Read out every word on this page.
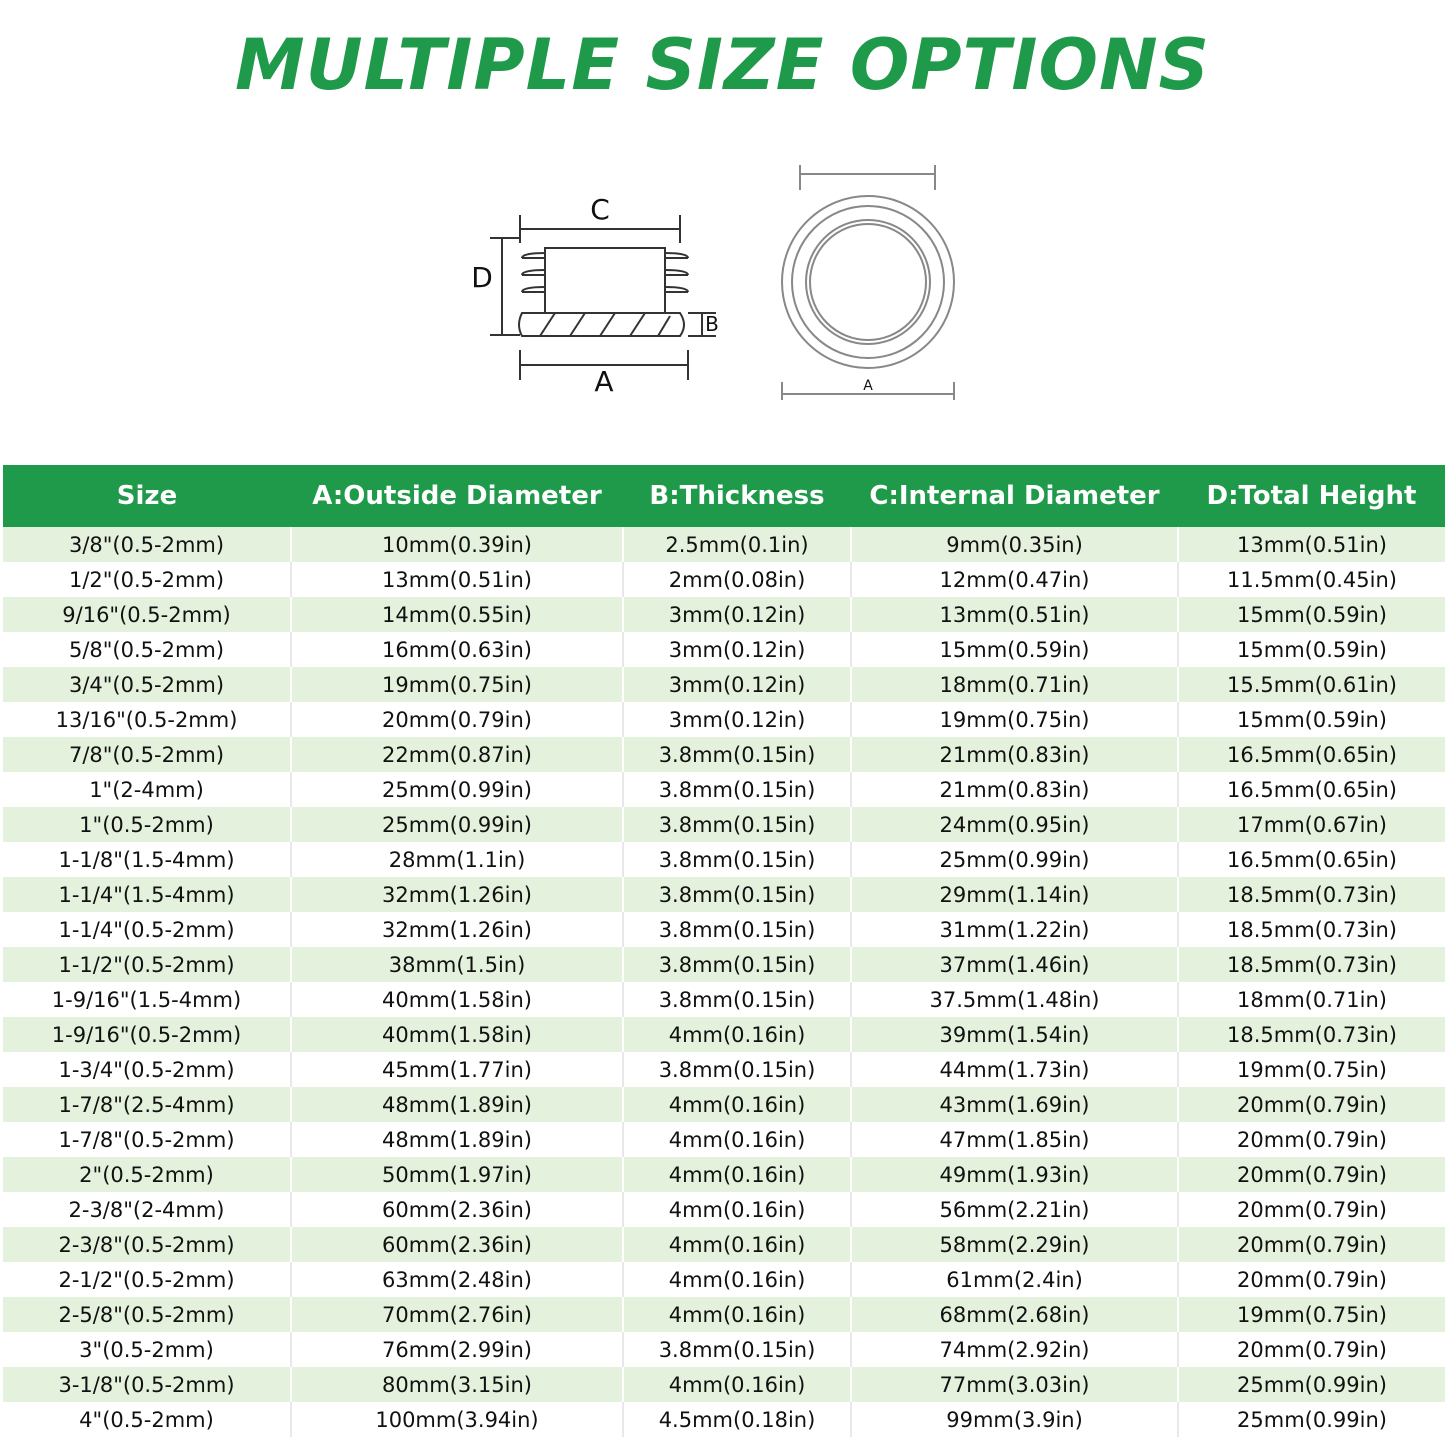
MULTIPLE SIZE OPTIONS
C
D
B
A	A
Size	A:Outside Diameter	B:Thickness	C:Internal Diameter	D:Total Height
3/8"(0.5-2mm)	10mm(0.39in)	2.5mm(0.1in)	9mm(0.35in)	13mm(0.51in)
1/2"(0.5-2mm)	13mm(0.51in)	2mm(0.08in)	12mm(0.47in)	11.5mm(0.45in)
9/16"(0.5-2mm)	14mm(0.55in)	3mm(0.12in)	13mm(0.51in)	15mm(0.59in)
5/8"(0.5-2mm)	16mm(0.63in)	3mm(0.12in)	15mm(0.59in)	15mm(0.59in)
3/4"(0.5-2mm)	19mm(0.75in)	3mm(0.12in)	18mm(0.71in)	15.5mm(0.61in)
13/16"(0.5-2mm)	20mm(0.79in)	3mm(0.12in)	19mm(0.75in)	15mm(0.59in)
7/8"(0.5-2mm)	22mm(0.87in)	3.8mm(0.15in)	21mm(0.83in)	16.5mm(0.65in)
1"(2-4mm)	25mm(0.99in)	3.8mm(0.15in)	21mm(0.83in)	16.5mm(0.65in)
1"(0.5-2mm)	25mm(0.99in)	3.8mm(0.15in)	24mm(0.95in)	17mm(0.67in)
1-1/8"(1.5-4mm)	28mm(1.1in)	3.8mm(0.15in)	25mm(0.99in)	16.5mm(0.65in)
1-1/4"(1.5-4mm)	32mm(1.26in)	3.8mm(0.15in)	29mm(1.14in)	18.5mm(0.73in)
1-1/4"(0.5-2mm)	32mm(1.26in)	3.8mm(0.15in)	31mm(1.22in)	18.5mm(0.73in)
1-1/2"(0.5-2mm)	38mm(1.5in)	3.8mm(0.15in)	37mm(1.46in)	18.5mm(0.73in)
1-9/16"(1.5-4mm)	40mm(1.58in)	3.8mm(0.15in)	37.5mm(1.48in)	18mm(0.71in)
1-9/16"(0.5-2mm)	40mm(1.58in)	4mm(0.16in)	39mm(1.54in)	18.5mm(0.73in)
1-3/4"(0.5-2mm)	45mm(1.77in)	3.8mm(0.15in)	44mm(1.73in)	19mm(0.75in)
1-7/8"(2.5-4mm)	48mm(1.89in)	4mm(0.16in)	43mm(1.69in)	20mm(0.79in)
1-7/8"(0.5-2mm)	48mm(1.89in)	4mm(0.16in)	47mm(1.85in)	20mm(0.79in)
2"(0.5-2mm)	50mm(1.97in)	4mm(0.16in)	49mm(1.93in)	20mm(0.79in)
2-3/8"(2-4mm)	60mm(2.36in)	4mm(0.16in)	56mm(2.21in)	20mm(0.79in)
2-3/8"(0.5-2mm)	60mm(2.36in)	4mm(0.16in)	58mm(2.29in)	20mm(0.79in)
2-1/2"(0.5-2mm)	63mm(2.48in)	4mm(0.16in)	61mm(2.4in)	20mm(0.79in)
2-5/8"(0.5-2mm)	70mm(2.76in)	4mm(0.16in)	68mm(2.68in)	19mm(0.75in)
3"(0.5-2mm)	76mm(2.99in)	3.8mm(0.15in)	74mm(2.92in)	20mm(0.79in)
3-1/8"(0.5-2mm)	80mm(3.15in)	4mm(0.16in)	77mm(3.03in)	25mm(0.99in)
4"(0.5-2mm)	100mm(3.94in)	4.5mm(0.18in)	99mm(3.9in)	25mm(0.99in)
